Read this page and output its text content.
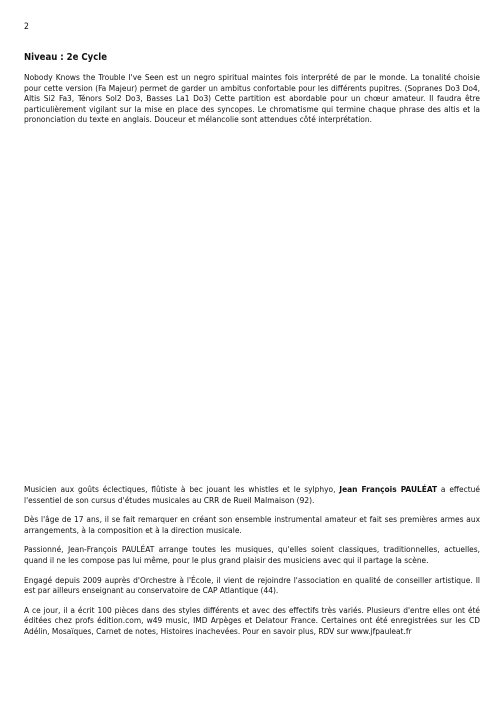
2
Niveau : 2e Cycle

Nobody Knows the Trouble I've Seen est un negro spiritual maintes fois interprété de par le monde. La tonalité choisie pour cette version (Fa Majeur) permet de garder un ambitus confortable pour les différents pupitres. (Sopranes Do3 Do4, Altis Si2 Fa3, Ténors Sol2 Do3, Basses La1 Do3) Cette partition est abordable pour un chœur amateur. Il faudra être particulièrement vigilant sur la mise en place des syncopes. Le chromatisme qui termine chaque phrase des altis et la prononciation du texte en anglais. Douceur et mélancolie sont attendues côté interprétation.

Musicien aux goûts éclectiques, flûtiste à bec jouant les whistles et le sylphyo, Jean François PAULÉAT a effectué l'essentiel de son cursus d'études musicales au CRR de Rueil Malmaison (92).

Dès l'âge de 17 ans, il se fait remarquer en créant son ensemble instrumental amateur et fait ses premières armes aux arrangements, à la composition et à la direction musicale.

Passionné, Jean-François PAULÉAT arrange toutes les musiques, qu'elles soient classiques, traditionnelles, actuelles, quand il ne les compose pas lui même, pour le plus grand plaisir des musiciens avec qui il partage la scène.

Engagé depuis 2009 auprès d'Orchestre à l'École, il vient de rejoindre l'association en qualité de conseiller artistique. Il est par ailleurs enseignant au conservatoire de CAP Atlantique (44).

A ce jour, il a écrit 100 pièces dans des styles différents et avec des effectifs très variés. Plusieurs d'entre elles ont été éditées chez profs édition.com, w49 music, IMD Arpèges et Delatour France. Certaines ont été enregistrées sur les CD Adélin, Mosaïques, Carnet de notes, Histoires inachevées. Pour en savoir plus, RDV sur www.jfpauleat.fr
